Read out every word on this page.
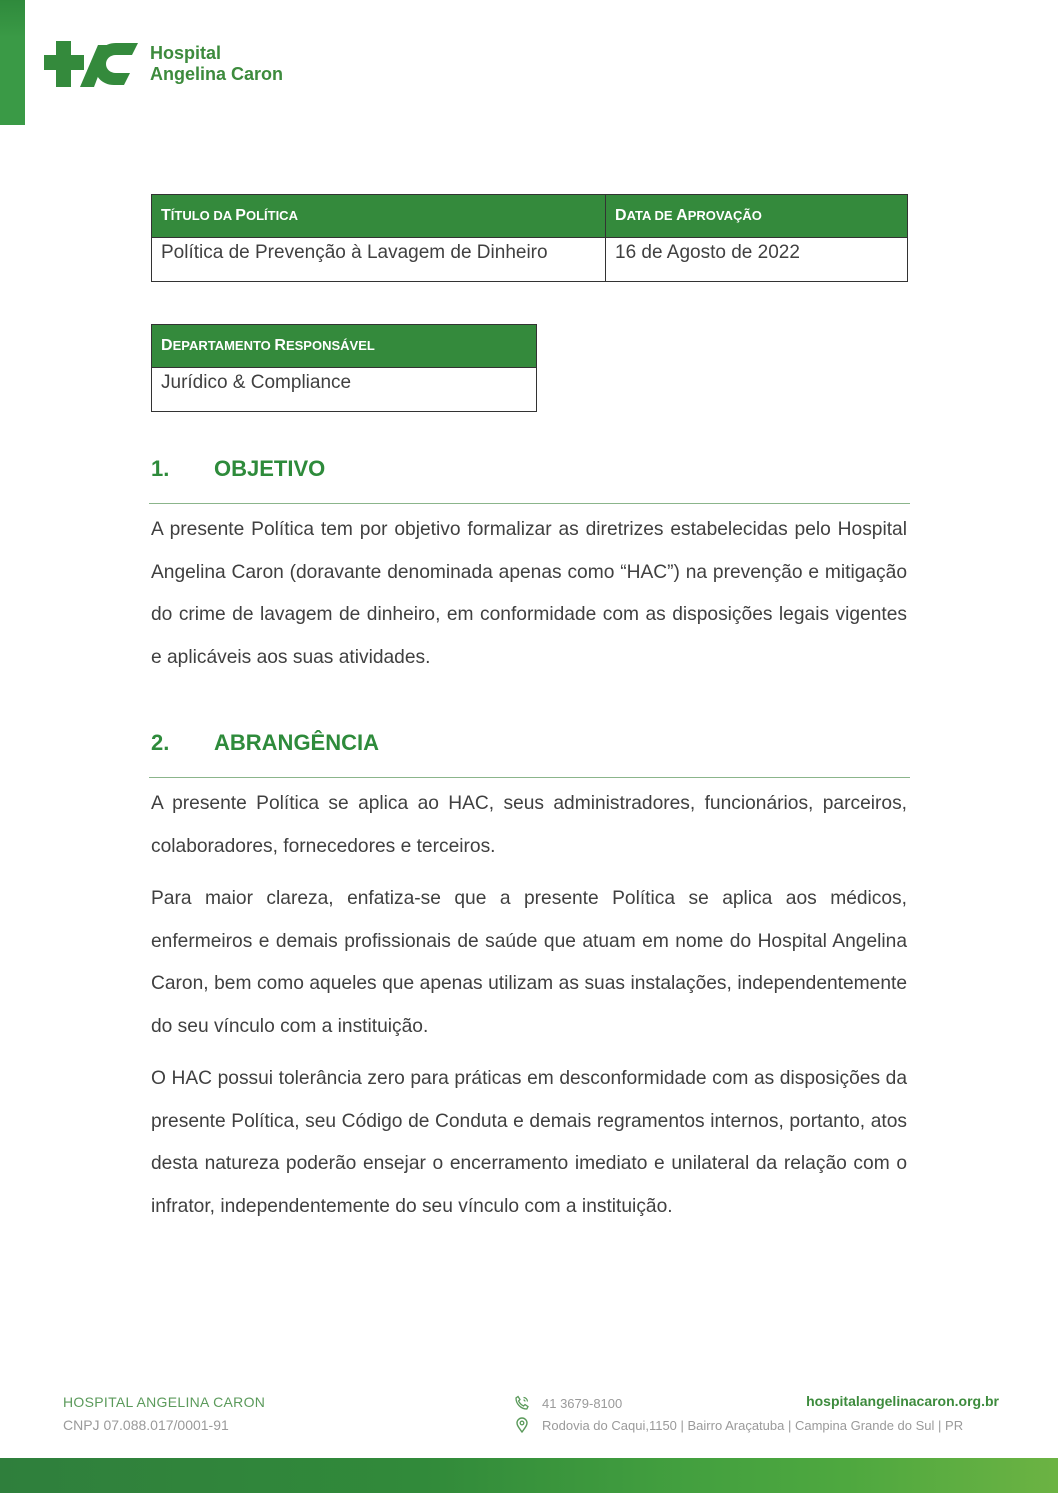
Hospital
Angelina Caron
TÍTULO DA POLÍTICA	DATA DE APROVAÇÃO
Política de Prevenção à Lavagem de Dinheiro	16 de Agosto de 2022
DEPARTAMENTO RESPONSÁVEL
Jurídico & Compliance
1. OBJETIVO

A presente Política tem por objetivo formalizar as diretrizes estabelecidas pelo Hospital Angelina Caron (doravante denominada apenas como “HAC”) na prevenção e mitigação do crime de lavagem de dinheiro, em conformidade com as disposições legais vigentes e aplicáveis aos suas atividades.

2. ABRANGÊNCIA

A presente Política se aplica ao HAC, seus administradores, funcionários, parceiros, colaboradores, fornecedores e terceiros.

Para maior clareza, enfatiza-se que a presente Política se aplica aos médicos, enfermeiros e demais profissionais de saúde que atuam em nome do Hospital Angelina Caron, bem como aqueles que apenas utilizam as suas instalações, independentemente do seu vínculo com a instituição.

O HAC possui tolerância zero para práticas em desconformidade com as disposições da presente Política, seu Código de Conduta e demais regramentos internos, portanto, atos desta natureza poderão ensejar o encerramento imediato e unilateral da relação com o infrator, independentemente do seu vínculo com a instituição.

HOSPITAL ANGELINA CARON
CNPJ 07.088.017/0001-91
41 3679-8100
Rodovia do Caqui,1150 | Bairro Araçatuba | Campina Grande do Sul | PR
hospitalangelinacaron.org.br
